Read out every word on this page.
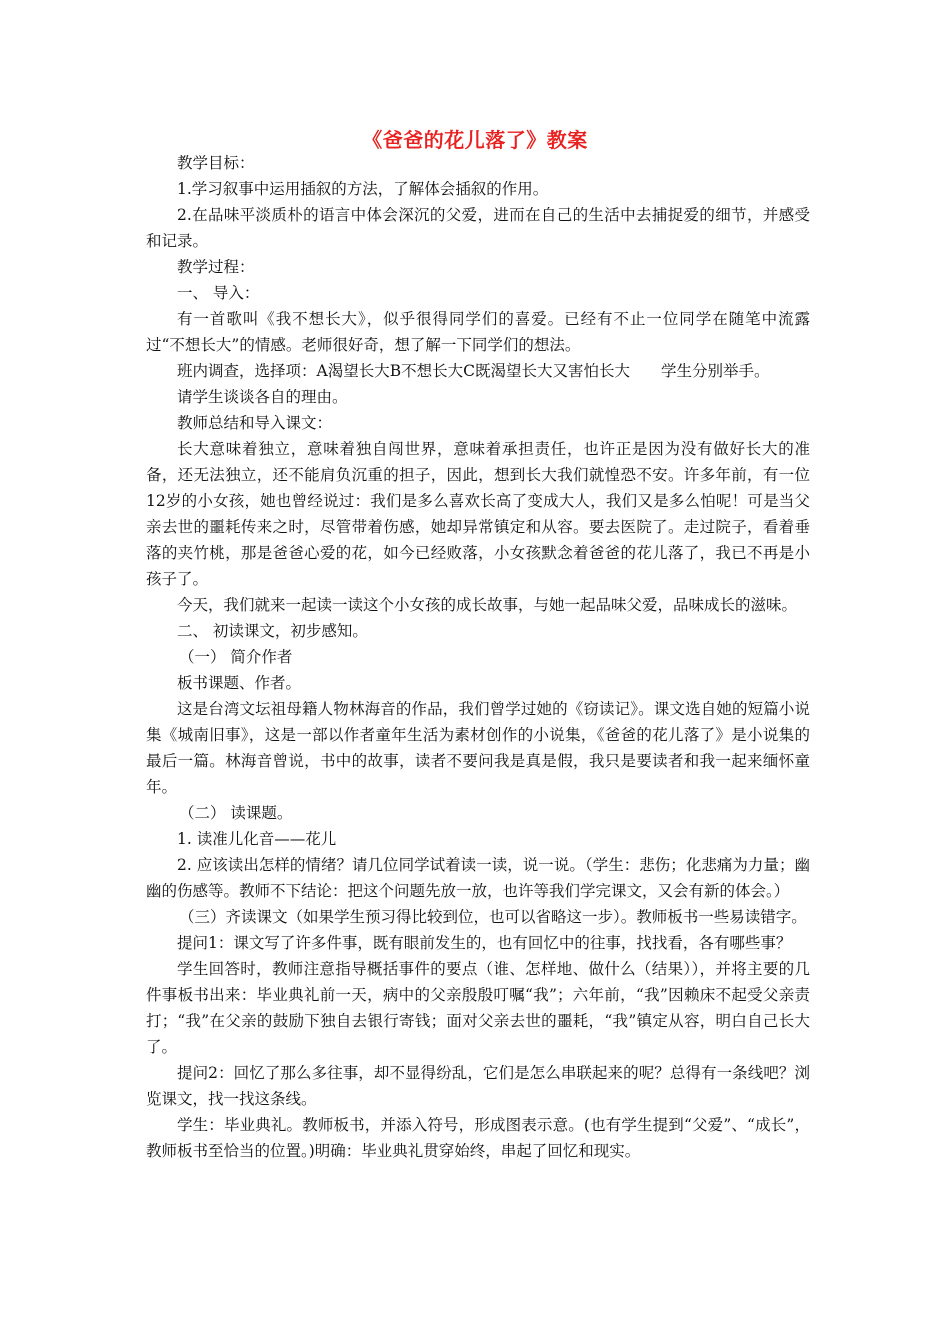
《爸爸的花儿落了》教案

教学目标：

1.学习叙事中运用插叙的方法，了解体会插叙的作用。

2.在品味平淡质朴的语言中体会深沉的父爱，进而在自己的生活中去捕捉爱的细节，并感受和记录。

教学过程：

一、 导入：

有一首歌叫《我不想长大》，似乎很得同学们的喜爱。已经有不止一位同学在随笔中流露过“不想长大”的情感。老师很好奇，想了解一下同学们的想法。

班内调查，选择项：A渴望长大B不想长大C既渴望长大又害怕长大　　学生分别举手。

请学生谈谈各自的理由。

教师总结和导入课文：

长大意味着独立，意味着独自闯世界，意味着承担责任，也许正是因为没有做好长大的准备，还无法独立，还不能肩负沉重的担子，因此，想到长大我们就惶恐不安。许多年前，有一位12岁的小女孩，她也曾经说过：我们是多么喜欢长高了变成大人，我们又是多么怕呢！可是当父亲去世的噩耗传来之时，尽管带着伤感，她却异常镇定和从容。要去医院了。走过院子，看着垂落的夹竹桃，那是爸爸心爱的花，如今已经败落，小女孩默念着爸爸的花儿落了，我已不再是小孩子了。

今天，我们就来一起读一读这个小女孩的成长故事，与她一起品味父爱，品味成长的滋味。

二、 初读课文，初步感知。

（一） 简介作者

板书课题、作者。

这是台湾文坛祖母籍人物林海音的作品，我们曾学过她的《窃读记》。课文选自她的短篇小说集《城南旧事》，这是一部以作者童年生活为素材创作的小说集，《爸爸的花儿落了》是小说集的最后一篇。林海音曾说，书中的故事，读者不要问我是真是假，我只是要读者和我一起来缅怀童年。

（二） 读课题。

1. 读准儿化音——花儿

2. 应该读出怎样的情绪？请几位同学试着读一读，说一说。（学生：悲伤；化悲痛为力量；幽幽的伤感等。教师不下结论：把这个问题先放一放，也许等我们学完课文，又会有新的体会。）

（三）齐读课文（如果学生预习得比较到位，也可以省略这一步）。教师板书一些易读错字。

提问1：课文写了许多件事，既有眼前发生的，也有回忆中的往事，找找看，各有哪些事？

学生回答时，教师注意指导概括事件的要点（谁、怎样地、做什么（结果）），并将主要的几件事板书出来：毕业典礼前一天，病中的父亲殷殷叮嘱“我”；六年前，“我”因赖床不起受父亲责打；“我”在父亲的鼓励下独自去银行寄钱；面对父亲去世的噩耗，“我”镇定从容，明白自己长大了。

提问2：回忆了那么多往事，却不显得纷乱，它们是怎么串联起来的呢？总得有一条线吧？浏览课文，找一找这条线。

学生：毕业典礼。教师板书，并添入符号，形成图表示意。(也有学生提到“父爱”、“成长”，教师板书至恰当的位置。)明确：毕业典礼贯穿始终，串起了回忆和现实。
